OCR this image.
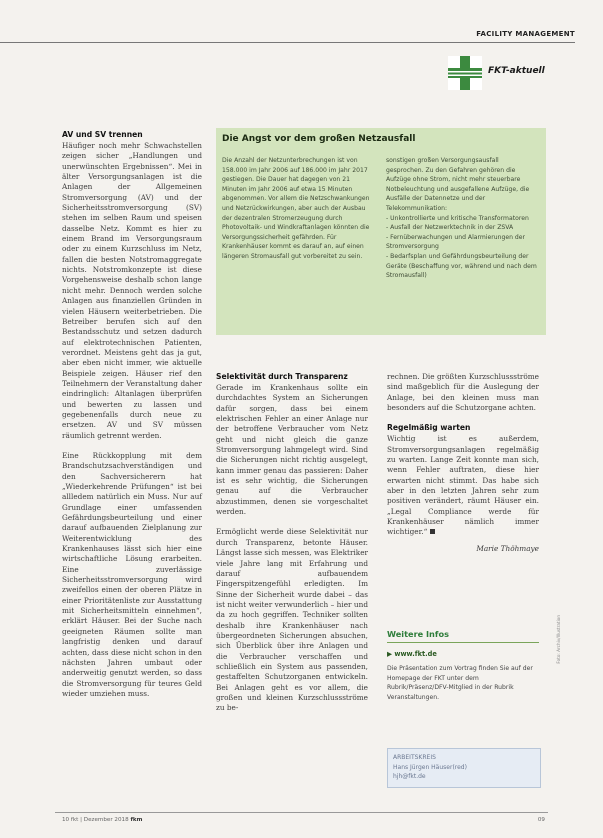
FACILITY MANAGEMENT
FKT-aktuell
AV und SV trennen

Häufiger noch mehr Schwachstellen zeigen sicher „Handlungen und unerwünschten Ergebnissen“. Mei in älter Versorgungsanlagen ist die Anlagen der Allgemeinen Stromversorgung (AV) und der Sicherheitsstromversorgung (SV) stehen im selben Raum und speisen dasselbe Netz. Kommt es hier zu einem Brand im Versorgungsraum oder zu einem Kurzschluss im Netz, fallen die besten Notstromaggregate nichts. Notstromkonzepte ist diese Vorgehensweise deshalb schon lange nicht mehr. Dennoch werden solche Anlagen aus finanziellen Gründen in vielen Häusern weiterbetrieben. Die Betreiber berufen sich auf den Bestandsschutz und setzen dadurch auf elektrotechnischen Patienten, verordnet. Meistens geht das ja gut, aber eben nicht immer, wie aktuelle Beispiele zeigen. Häuser rief den Teilnehmern der Veranstaltung daher eindringlich: Altanlagen überprüfen und bewerten zu lassen und gegebenenfalls durch neue zu ersetzen. AV und SV müssen räumlich getrennt werden.

Eine Rückkopplung mit dem Brandschutzsachverständigen und den Sachversicherern hat „Wiederkehrende Prüfungen“ ist bei allledem natürlich ein Muss. Nur auf Grundlage einer umfassenden Gefährdungsbeurteilung und einer darauf aufbauenden Zielplanung zur Weiterentwicklung des Krankenhauses lässt sich hier eine wirtschaftliche Lösung erarbeiten. Eine zuverlässige Sicherheitsstromversorgung wird zweifellos einen der oberen Plätze in einer Prioritätenliste zur Ausstattung mit Sicherheitsmitteln einnehmen“, erklärt Häuser. Bei der Suche nach geeigneten Räumen sollte man langfristig denken und darauf achten, dass diese nicht schon in den nächsten Jahren umbaut oder anderweitig genutzt werden, so dass die Stromversorgung für teures Geld wieder umziehen muss.

Die Angst vor dem großen Netzausfall
Die Anzahl der Netzunterbrechungen ist von 158.000 im Jahr 2006 auf 186.000 im Jahr 2017 gestiegen. Die Dauer hat dagegen von 21 Minuten im Jahr 2006 auf etwa 15 Minuten abgenommen. Vor allem die Netzschwankungen und Netzrückwirkungen, aber auch der Ausbau der dezentralen Stromerzeugung durch Photovoltaik- und Windkraftanlagen könnten die Versorgungssicherheit gefährden. Für Krankenhäuser kommt es darauf an, auf einen längeren Stromausfall gut vorbereitet zu sein.
sonstigen großen Versorgungsausfall gesprochen. Zu den Gefahren gehören die Aufzüge ohne Strom, nicht mehr steuerbare Notbeleuchtung und ausgefallene Aufzüge, die Ausfälle der Datennetze und der Telekommunikation:
- Unkontrollierte und kritische Transformatoren
- Ausfall der Netzwerktechnik in der ZSVA
- Fernüberwachungen und Alarmierungen der Stromversorgung
- Bedarfsplan und Gefährdungsbeurteilung der Geräte (Beschaffung vor, während und nach dem Stromausfall)
Selektivität durch Transparenz

Gerade im Krankenhaus sollte ein durchdachtes System an Sicherungen dafür sorgen, dass bei einem elektrischen Fehler an einer Anlage nur der betroffene Verbraucher vom Netz geht und nicht gleich die ganze Stromversorgung lahmgelegt wird. Sind die Sicherungen nicht richtig ausgelegt, kann immer genau das passieren: Daher ist es sehr wichtig, die Sicherungen genau auf die Verbraucher abzustimmen, denen sie vorgeschaltet werden.

Ermöglicht werde diese Selektivität nur durch Transparenz, betonte Häuser. Längst lasse sich messen, was Elektriker viele Jahre lang mit Erfahrung und darauf aufbauendem Fingerspitzengefühl erledigten. Im Sinne der Sicherheit wurde dabei – das ist nicht weiter verwunderlich – hier und da zu hoch gegriffen. Techniker sollten deshalb ihre Krankenhäuser nach übergeordneten Sicherungen absuchen, sich Überblick über ihre Anlagen und die Verbraucher verschaffen und schließlich ein System aus passenden, gestaffelten Schutzorganen entwickeln. Bei Anlagen geht es vor allem, die großen und kleinen Kurzschlussströme zu be-

rechnen. Die größten Kurzschlussströme sind maßgeblich für die Auslegung der Anlage, bei den kleinen muss man besonders auf die Schutzorgane achten.

Regelmäßig warten

Wichtig ist es außerdem, Stromversorgungsanlagen regelmäßig zu warten. Lange Zeit konnte man sich, wenn Fehler auftraten, diese hier erwarten nicht stimmt. Das habe sich aber in den letzten Jahren sehr zum positiven verändert, räumt Häuser ein. „Legal Compliance werde für Krankenhäuser nämlich immer wichtiger.“

Marie Thöhmaye
Foto: Archiv/Illustration
Weitere Infos
▶ www.fkt.de
Die Präsentation zum Vortrag finden Sie auf der Homepage der FKT unter dem Rubrik/Präsenz/DFV-Mitglied in der Rubrik Veranstaltungen.
ARBEITSKREIS
Hans Jürgen Häuser(red)
hjh@fkt.de
10 fkt | Dezember 2018 fkm	09
